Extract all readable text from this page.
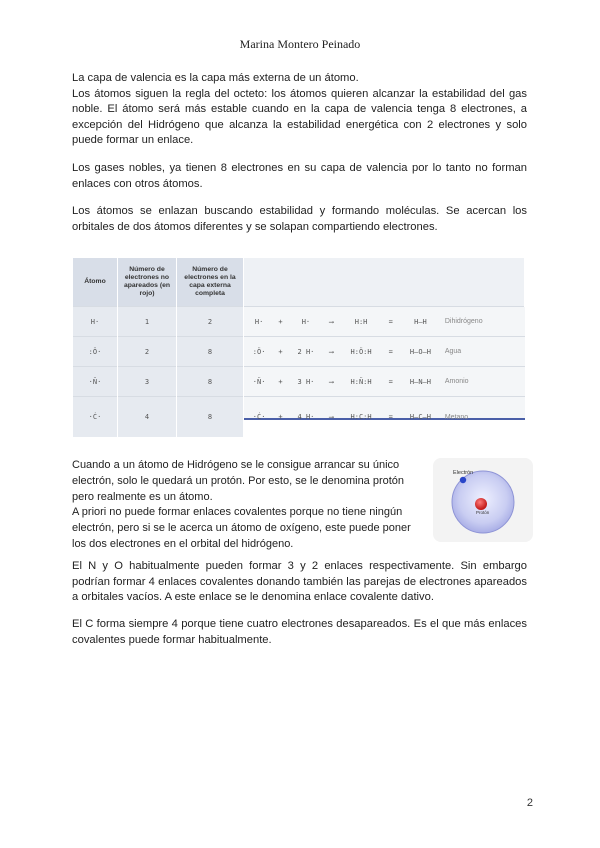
Marina Montero Peinado

La capa de valencia es la capa más externa de un átomo.

Los átomos siguen la regla del octeto: los átomos quieren alcanzar la estabilidad del gas noble. El átomo será más estable cuando en la capa de valencia tenga 8 electrones, a excepción del Hidrógeno que alcanza la estabilidad energética con 2 electrones y solo puede formar un enlace.

Los gases nobles, ya tienen 8 electrones en su capa de valencia por lo tanto no forman enlaces con otros átomos.

Los átomos se enlazan buscando estabilidad y formando moléculas. Se acercan los orbitales de dos átomos diferentes y se solapan compartiendo electrones.

Átomo	Número de electrones no apareados (en rojo)	Número de electrones en la capa externa completa								
H·	1	2	H·	+	H·	⟶	H:H	=	H—H	Dihidrógeno
:Ö·	2	8	:Ö·	+	2 H·	⟶	H:Ö:H	=	H—O—H	Agua
·N̈·	3	8	·N̈·	+	3 H·	⟶	H:N̈:H	=	H—N—H	Amonio
·Ċ·	4	8	·Ċ·	+	4 H·	⟶	H:C:H	=	H—C—H	Metano

Cuando a un átomo de Hidrógeno se le consigue arrancar su único electrón, solo le quedará un protón. Por esto, se le denomina protón pero realmente es un átomo.

A priori no puede formar enlaces covalentes porque no tiene ningún electrón, pero si se le acerca un átomo de oxígeno, este puede poner los dos electrones en el orbital del hidrógeno.

Electrón
Protón

El N y O habitualmente pueden formar 3 y 2 enlaces respectivamente. Sin embargo podrían formar 4 enlaces covalentes donando también las parejas de electrones apareados a orbitales vacíos. A este enlace se le denomina enlace covalente dativo.

El C forma siempre 4 porque tiene cuatro electrones desapareados. Es el que más enlaces covalentes puede formar habitualmente.

2
